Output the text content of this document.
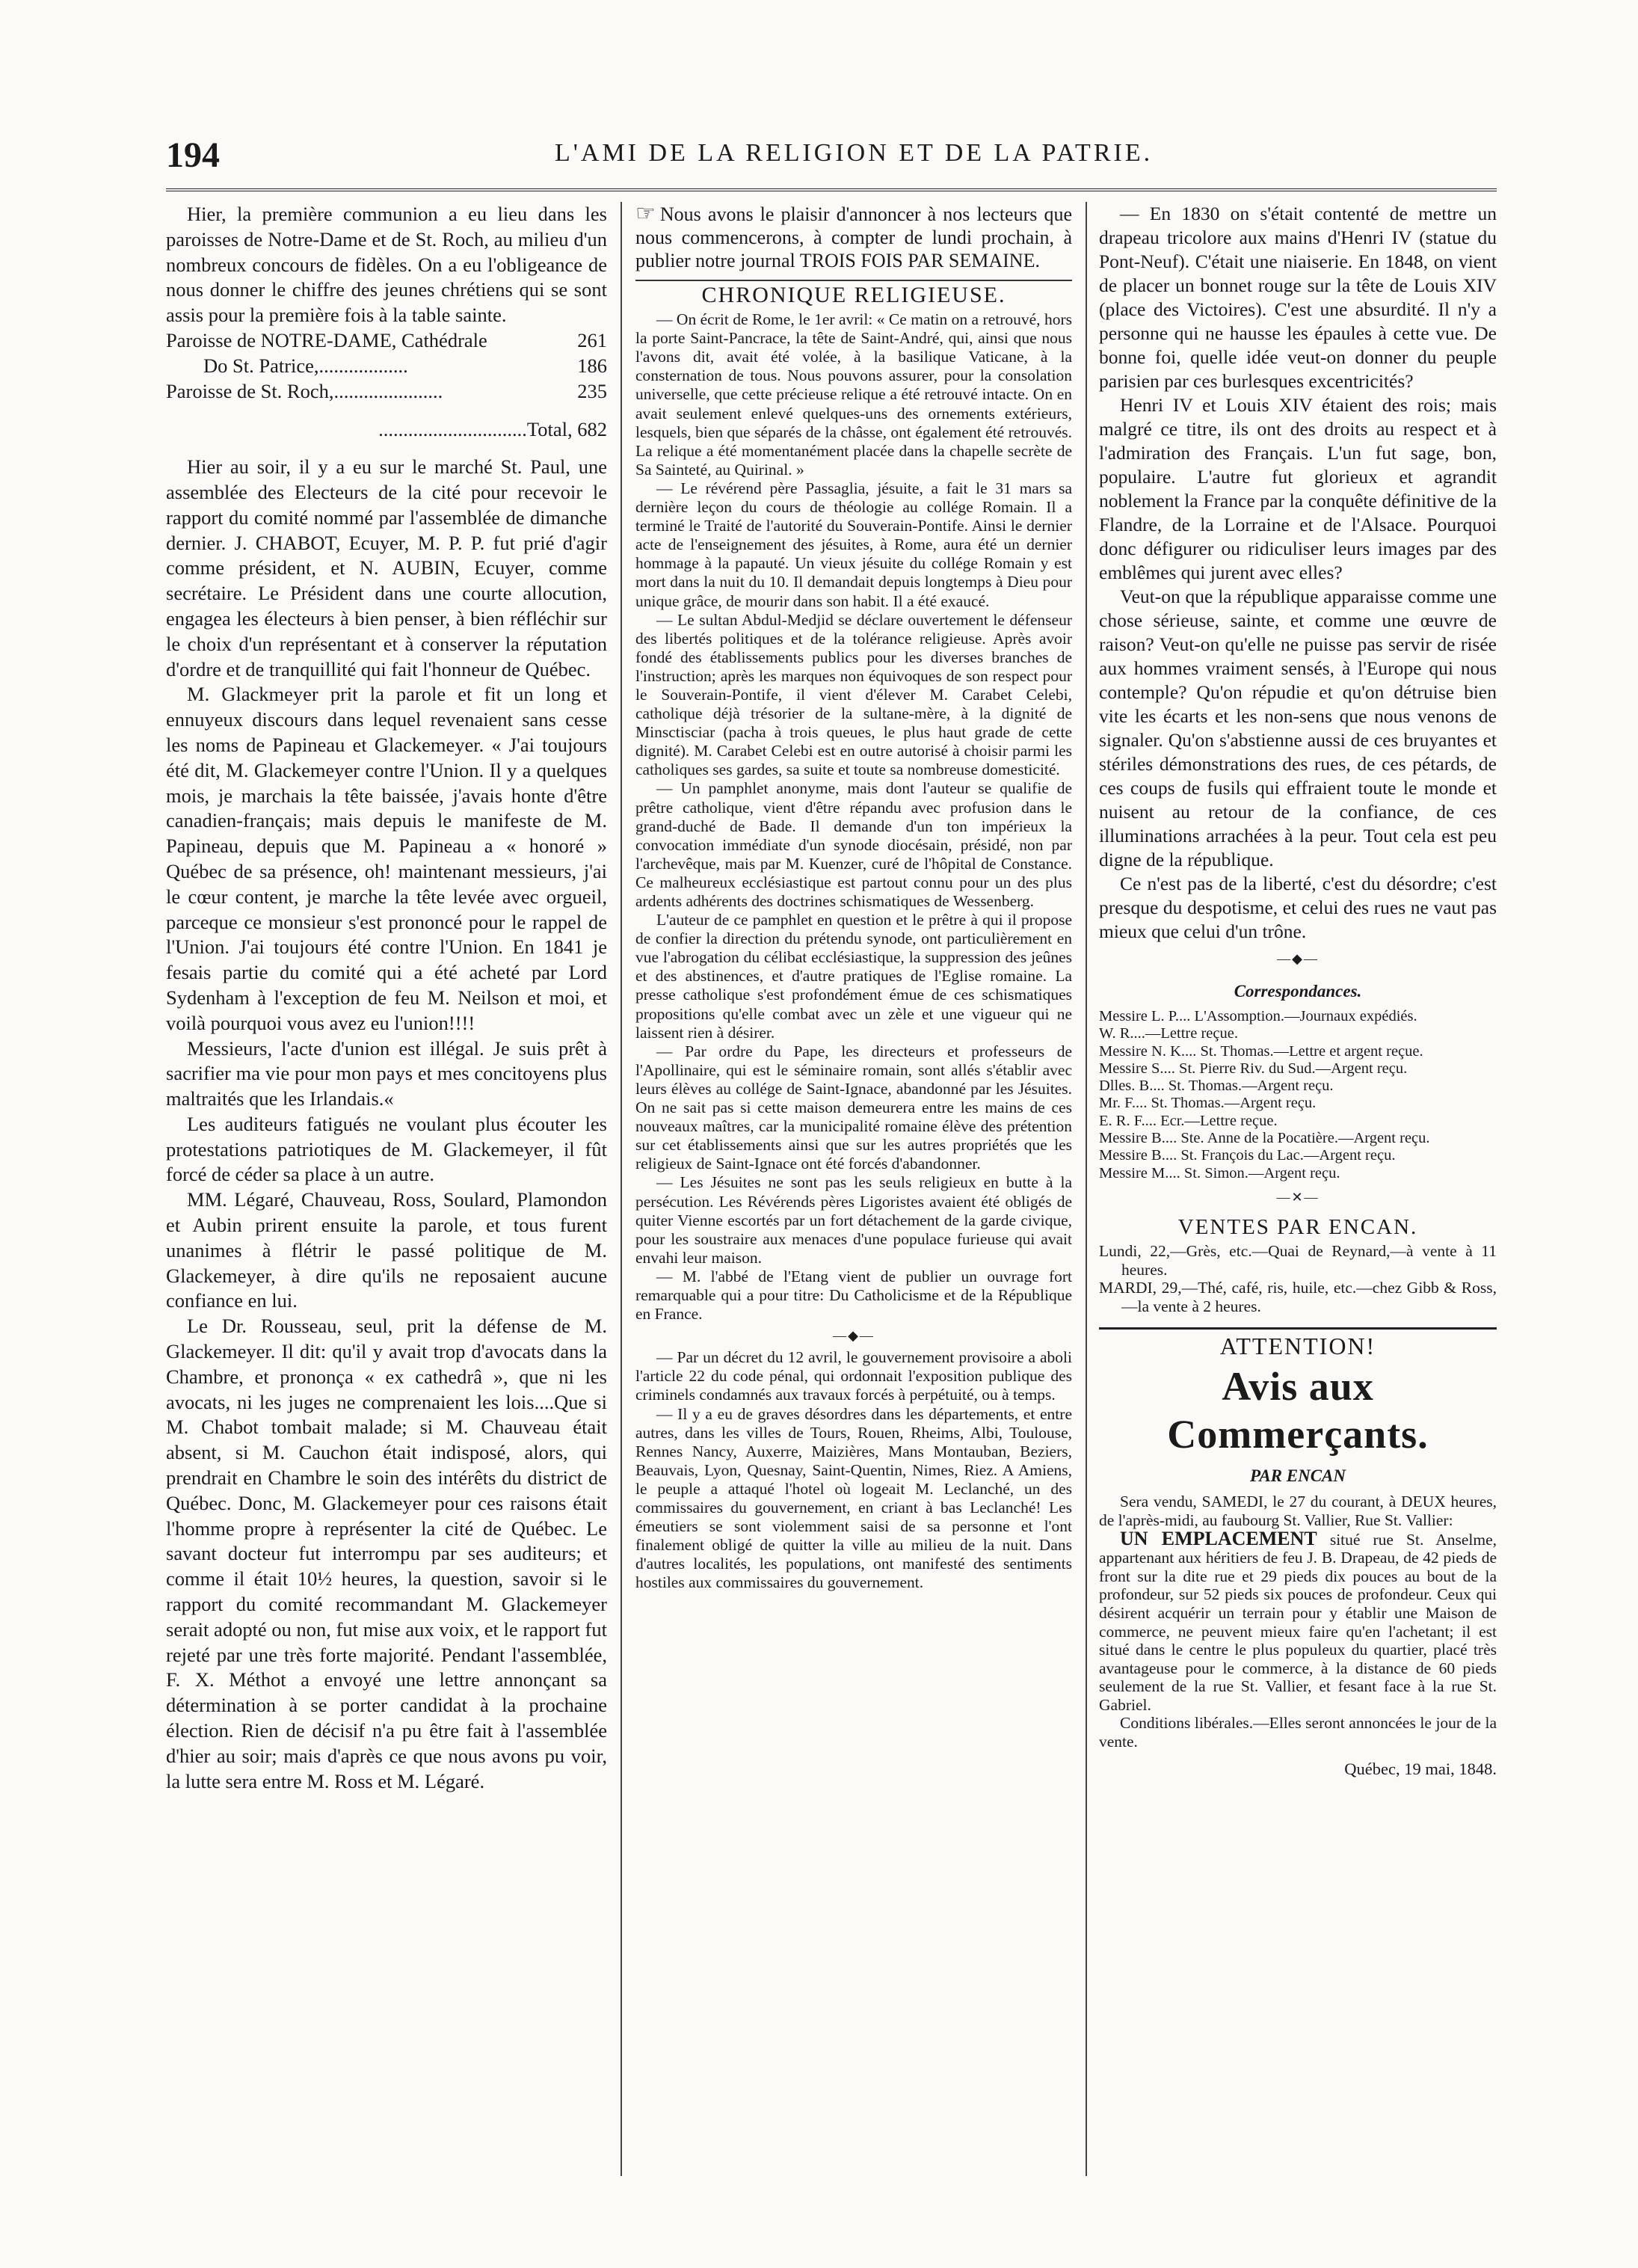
194	L'AMI DE LA RELIGION ET DE LA PATRIE.

Hier, la première communion a eu lieu dans les paroisses de Notre-Dame et de St. Roch, au milieu d'un nombreux concours de fidèles. On a eu l'obligeance de nous donner le chiffre des jeunes chrétiens qui se sont assis pour la première fois à la table sainte.

Paroisse de NOTRE-DAME, Cathédrale	261
Do St. Patrice,..................	186
Paroisse de St. Roch,......................	235

..............................Total, 682

Hier au soir, il y a eu sur le marché St. Paul, une assemblée des Electeurs de la cité pour recevoir le rapport du comité nommé par l'assemblée de dimanche dernier. J. CHABOT, Ecuyer, M. P. P. fut prié d'agir comme président, et N. AUBIN, Ecuyer, comme secrétaire. Le Président dans une courte allocution, engagea les électeurs à bien penser, à bien réfléchir sur le choix d'un représentant et à conserver la réputation d'ordre et de tranquillité qui fait l'honneur de Québec.

M. Glackmeyer prit la parole et fit un long et ennuyeux discours dans lequel revenaient sans cesse les noms de Papineau et Glackemeyer. « J'ai toujours été dit, M. Glackemeyer contre l'Union. Il y a quelques mois, je marchais la tête baissée, j'avais honte d'être canadien-français; mais depuis le manifeste de M. Papineau, depuis que M. Papineau a « honoré » Québec de sa présence, oh! maintenant messieurs, j'ai le cœur content, je marche la tête levée avec orgueil, parceque ce monsieur s'est prononcé pour le rappel de l'Union. J'ai toujours été contre l'Union. En 1841 je fesais partie du comité qui a été acheté par Lord Sydenham à l'exception de feu M. Neilson et moi, et voilà pourquoi vous avez eu l'union!!!!

Messieurs, l'acte d'union est illégal. Je suis prêt à sacrifier ma vie pour mon pays et mes concitoyens plus maltraités que les Irlandais.«

Les auditeurs fatigués ne voulant plus écouter les protestations patriotiques de M. Glackemeyer, il fût forcé de céder sa place à un autre.

MM. Légaré, Chauveau, Ross, Soulard, Plamondon et Aubin prirent ensuite la parole, et tous furent unanimes à flétrir le passé politique de M. Glackemeyer, à dire qu'ils ne reposaient aucune confiance en lui.

Le Dr. Rousseau, seul, prit la défense de M. Glackemeyer. Il dit: qu'il y avait trop d'avocats dans la Chambre, et prononça « ex cathedrâ », que ni les avocats, ni les juges ne comprenaient les lois....Que si M. Chabot tombait malade; si M. Chauveau était absent, si M. Cauchon était indisposé, alors, qui prendrait en Chambre le soin des intérêts du district de Québec. Donc, M. Glackemeyer pour ces raisons était l'homme propre à représenter la cité de Québec. Le savant docteur fut interrompu par ses auditeurs; et comme il était 10½ heures, la question, savoir si le rapport du comité recommandant M. Glackemeyer serait adopté ou non, fut mise aux voix, et le rapport fut rejeté par une très forte majorité. Pendant l'assemblée, F. X. Méthot a envoyé une lettre annonçant sa détermination à se porter candidat à la prochaine élection. Rien de décisif n'a pu être fait à l'assemblée d'hier au soir; mais d'après ce que nous avons pu voir, la lutte sera entre M. Ross et M. Légaré.

☞ Nous avons le plaisir d'annoncer à nos lecteurs que nous commencerons, à compter de lundi prochain, à publier notre journal TROIS FOIS PAR SEMAINE.

CHRONIQUE RELIGIEUSE.

— On écrit de Rome, le 1er avril: « Ce matin on a retrouvé, hors la porte Saint-Pancrace, la tête de Saint-André, qui, ainsi que nous l'avons dit, avait été volée, à la basilique Vaticane, à la consternation de tous. Nous pouvons assurer, pour la consolation universelle, que cette précieuse relique a été retrouvé intacte. On en avait seulement enlevé quelques-uns des ornements extérieurs, lesquels, bien que séparés de la châsse, ont également été retrouvés. La relique a été momentanément placée dans la chapelle secrète de Sa Sainteté, au Quirinal. »

— Le révérend père Passaglia, jésuite, a fait le 31 mars sa dernière leçon du cours de théologie au collége Romain. Il a terminé le Traité de l'autorité du Souverain-Pontife. Ainsi le dernier acte de l'enseignement des jésuites, à Rome, aura été un dernier hommage à la papauté. Un vieux jésuite du collége Romain y est mort dans la nuit du 10. Il demandait depuis longtemps à Dieu pour unique grâce, de mourir dans son habit. Il a été exaucé.

— Le sultan Abdul-Medjid se déclare ouvertement le défenseur des libertés politiques et de la tolérance religieuse. Après avoir fondé des établissements publics pour les diverses branches de l'instruction; après les marques non équivoques de son respect pour le Souverain-Pontife, il vient d'élever M. Carabet Celebi, catholique déjà trésorier de la sultane-mère, à la dignité de Minsctisciar (pacha à trois queues, le plus haut grade de cette dignité). M. Carabet Celebi est en outre autorisé à choisir parmi les catholiques ses gardes, sa suite et toute sa nombreuse domesticité.

— Un pamphlet anonyme, mais dont l'auteur se qualifie de prêtre catholique, vient d'être répandu avec profusion dans le grand-duché de Bade. Il demande d'un ton impérieux la convocation immédiate d'un synode diocésain, présidé, non par l'archevêque, mais par M. Kuenzer, curé de l'hôpital de Constance. Ce malheureux ecclésiastique est partout connu pour un des plus ardents adhérents des doctrines schismatiques de Wessenberg.

L'auteur de ce pamphlet en question et le prêtre à qui il propose de confier la direction du prétendu synode, ont particulièrement en vue l'abrogation du célibat ecclésiastique, la suppression des jeûnes et des abstinences, et d'autre pratiques de l'Eglise romaine. La presse catholique s'est profondément émue de ces schismatiques propositions qu'elle combat avec un zèle et une vigueur qui ne laissent rien à désirer.

— Par ordre du Pape, les directeurs et professeurs de l'Apollinaire, qui est le séminaire romain, sont allés s'établir avec leurs élèves au collége de Saint-Ignace, abandonné par les Jésuites. On ne sait pas si cette maison demeurera entre les mains de ces nouveaux maîtres, car la municipalité romaine élève des prétention sur cet établissements ainsi que sur les autres propriétés que les religieux de Saint-Ignace ont été forcés d'abandonner.

— Les Jésuites ne sont pas les seuls religieux en butte à la persécution. Les Révérends pères Ligoristes avaient été obligés de quiter Vienne escortés par un fort détachement de la garde civique, pour les soustraire aux menaces d'une populace furieuse qui avait envahi leur maison.

— M. l'abbé de l'Etang vient de publier un ouvrage fort remarquable qui a pour titre: Du Catholicisme et de la République en France.

—◆—

— Par un décret du 12 avril, le gouvernement provisoire a aboli l'article 22 du code pénal, qui ordonnait l'exposition publique des criminels condamnés aux travaux forcés à perpétuité, ou à temps.

— Il y a eu de graves désordres dans les départements, et entre autres, dans les villes de Tours, Rouen, Rheims, Albi, Toulouse, Rennes Nancy, Auxerre, Maizières, Mans Montauban, Beziers, Beauvais, Lyon, Quesnay, Saint-Quentin, Nimes, Riez. A Amiens, le peuple a attaqué l'hotel où logeait M. Leclanché, un des commissaires du gouvernement, en criant à bas Leclanché! Les émeutiers se sont violemment saisi de sa personne et l'ont finalement obligé de quitter la ville au milieu de la nuit. Dans d'autres localités, les populations, ont manifesté des sentiments hostiles aux commissaires du gouvernement.

— En 1830 on s'était contenté de mettre un drapeau tricolore aux mains d'Henri IV (statue du Pont-Neuf). C'était une niaiserie. En 1848, on vient de placer un bonnet rouge sur la tête de Louis XIV (place des Victoires). C'est une absurdité. Il n'y a personne qui ne hausse les épaules à cette vue. De bonne foi, quelle idée veut-on donner du peuple parisien par ces burlesques excentricités?

Henri IV et Louis XIV étaient des rois; mais malgré ce titre, ils ont des droits au respect et à l'admiration des Français. L'un fut sage, bon, populaire. L'autre fut glorieux et agrandit noblement la France par la conquête définitive de la Flandre, de la Lorraine et de l'Alsace. Pourquoi donc défigurer ou ridiculiser leurs images par des emblêmes qui jurent avec elles?

Veut-on que la république apparaisse comme une chose sérieuse, sainte, et comme une œuvre de raison? Veut-on qu'elle ne puisse pas servir de risée aux hommes vraiment sensés, à l'Europe qui nous contemple? Qu'on répudie et qu'on détruise bien vite les écarts et les non-sens que nous venons de signaler. Qu'on s'abstienne aussi de ces bruyantes et stériles démonstrations des rues, de ces pétards, de ces coups de fusils qui effraient toute le monde et nuisent au retour de la confiance, de ces illuminations arrachées à la peur. Tout cela est peu digne de la république.

Ce n'est pas de la liberté, c'est du désordre; c'est presque du despotisme, et celui des rues ne vaut pas mieux que celui d'un trône.

—◆—
Correspondances.

Messire L. P.... L'Assomption.—Journaux expédiés.

W. R....—Lettre reçue.

Messire N. K.... St. Thomas.—Lettre et argent reçue.

Messire S.... St. Pierre Riv. du Sud.—Argent reçu.

Dlles. B.... St. Thomas.—Argent reçu.

Mr. F.... St. Thomas.—Argent reçu.

E. R. F.... Ecr.—Lettre reçue.

Messire B.... Ste. Anne de la Pocatière.—Argent reçu.

Messire B.... St. François du Lac.—Argent reçu.

Messire M.... St. Simon.—Argent reçu.

—✕—
VENTES PAR ENCAN.

Lundi, 22,—Grès, etc.—Quai de Reynard,—à vente à 11 heures.

MARDI, 29,—Thé, café, ris, huile, etc.—chez Gibb & Ross,—la vente à 2 heures.

ATTENTION!
Avis aux Commerçants.
PAR ENCAN

Sera vendu, SAMEDI, le 27 du courant, à DEUX heures, de l'après-midi, au faubourg St. Vallier, Rue St. Vallier:

UN EMPLACEMENT situé rue St. Anselme, appartenant aux héritiers de feu J. B. Drapeau, de 42 pieds de front sur la dite rue et 29 pieds dix pouces au bout de la profondeur, sur 52 pieds six pouces de profondeur. Ceux qui désirent acquérir un terrain pour y établir une Maison de commerce, ne peuvent mieux faire qu'en l'achetant; il est situé dans le centre le plus populeux du quartier, placé très avantageuse pour le commerce, à la distance de 60 pieds seulement de la rue St. Vallier, et fesant face à la rue St. Gabriel.

Conditions libérales.—Elles seront annoncées le jour de la vente.

Québec, 19 mai, 1848.
